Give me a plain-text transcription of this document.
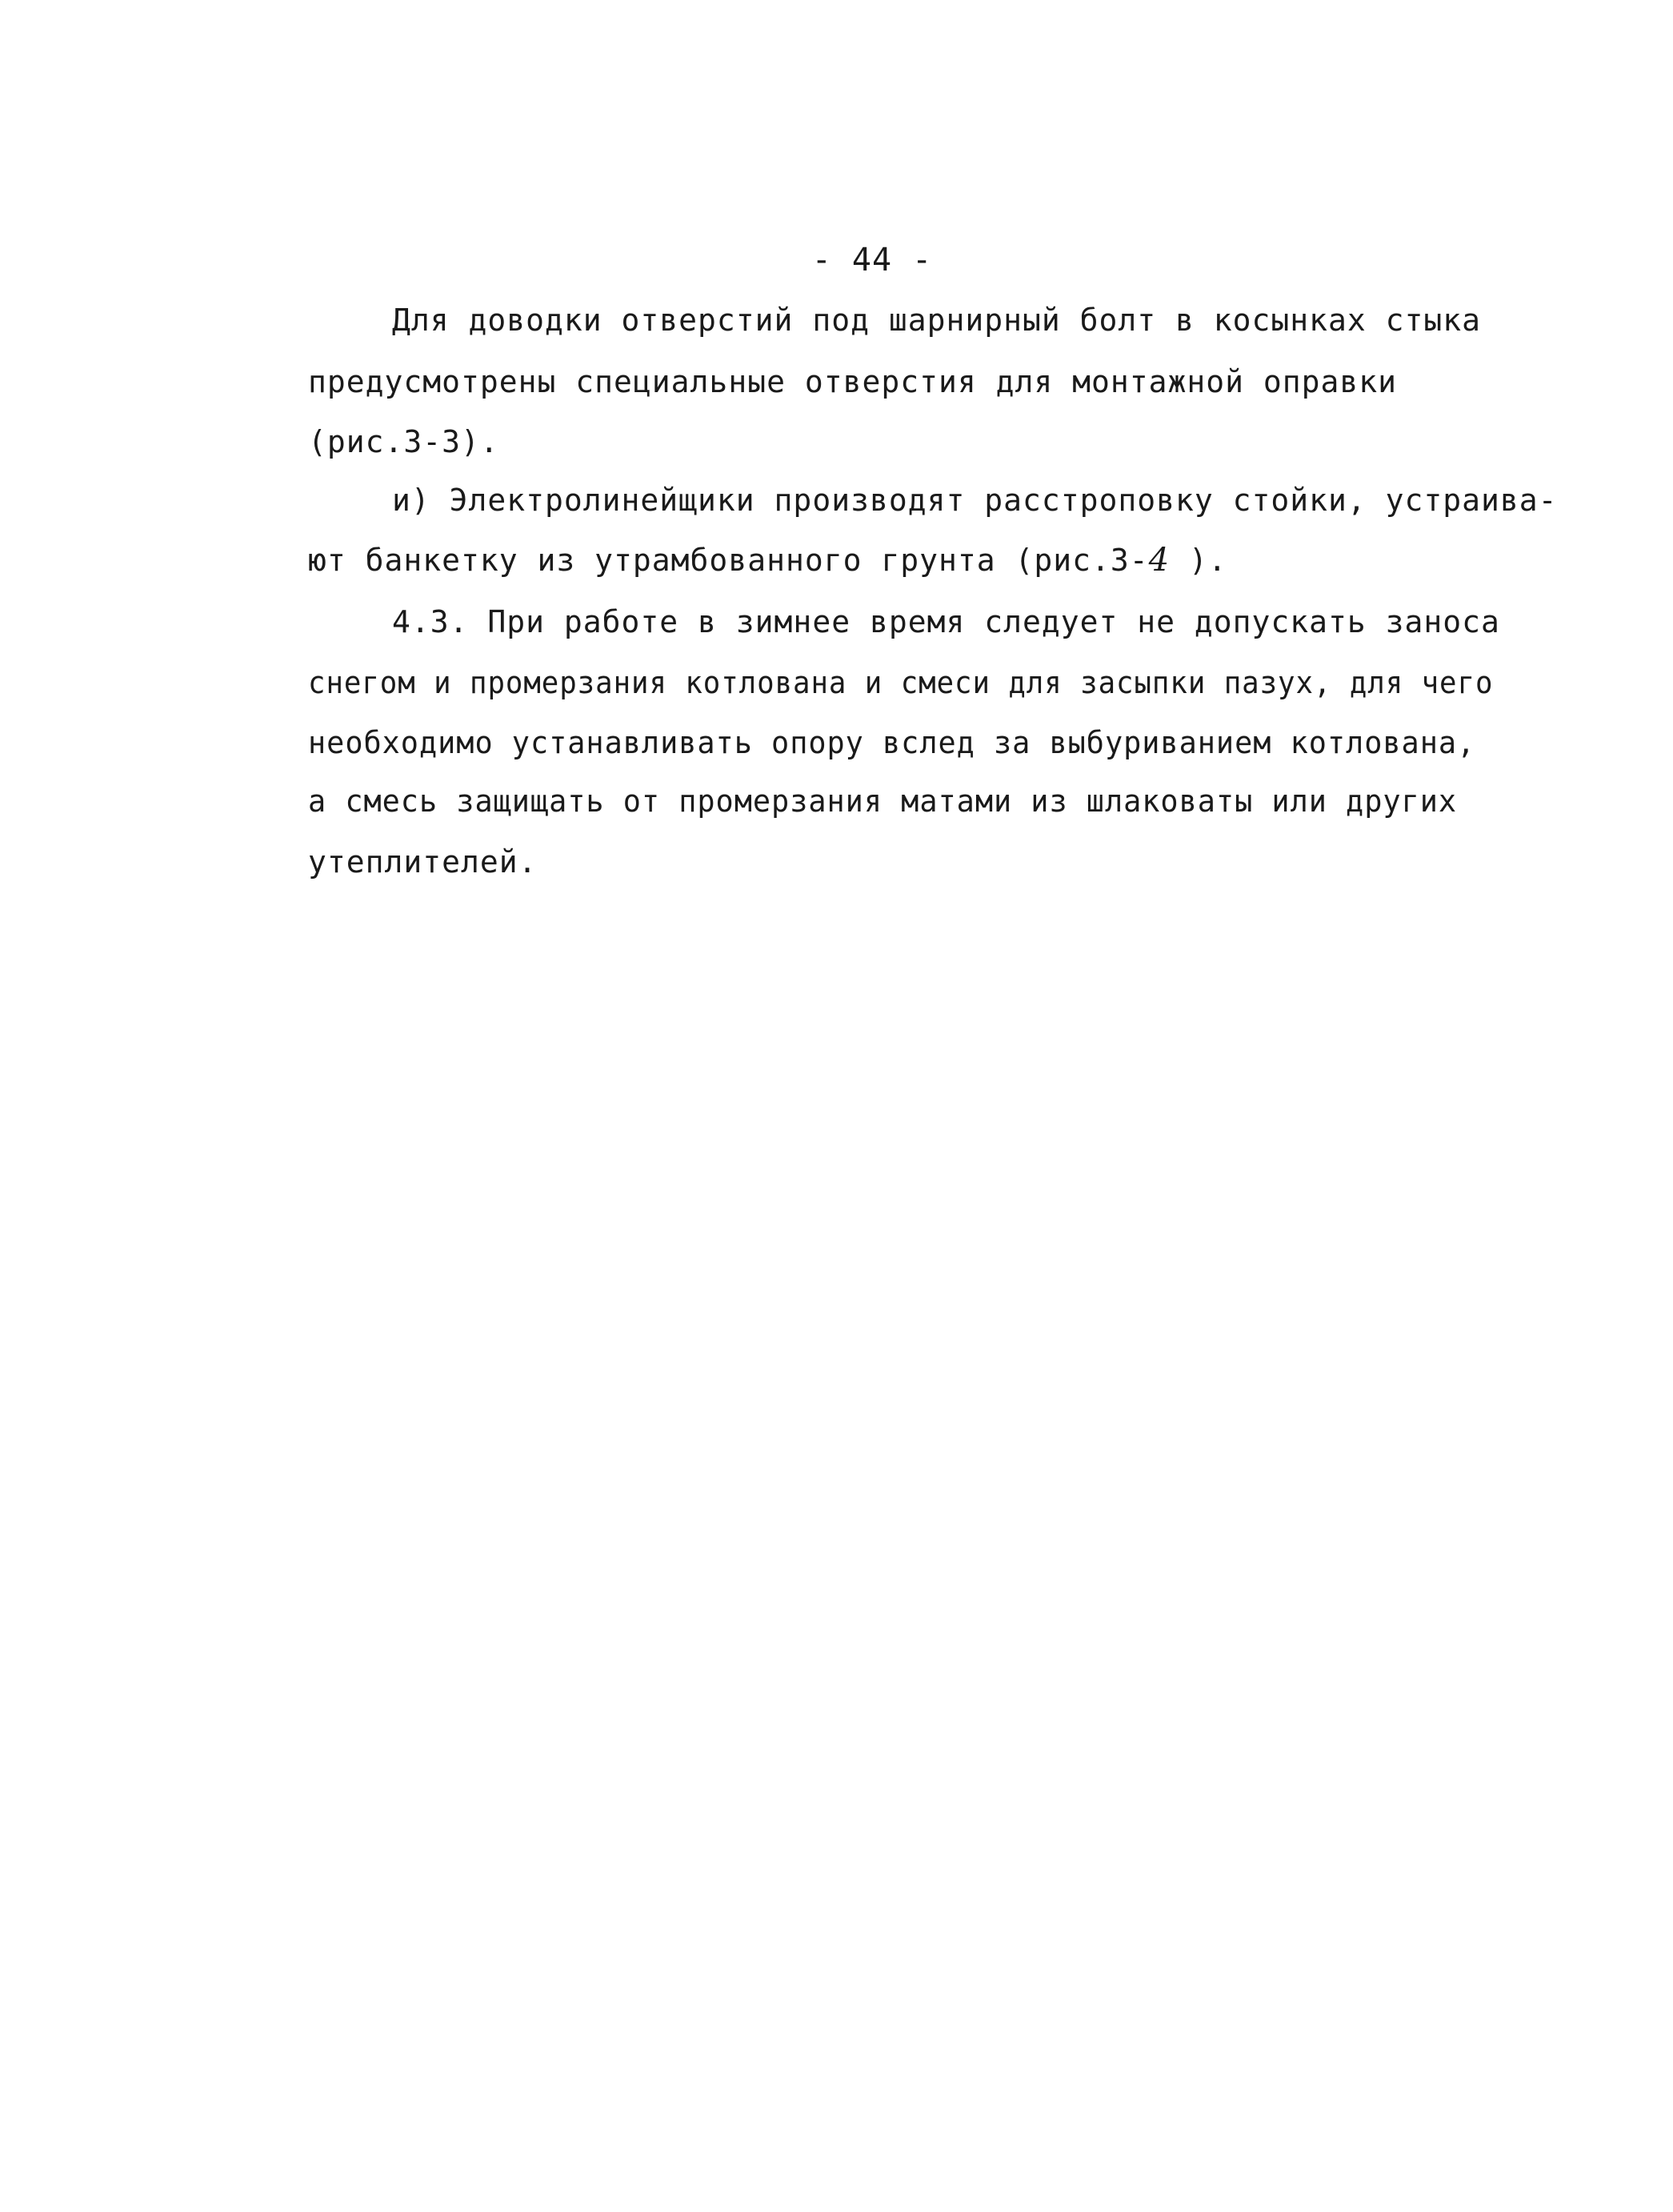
- 44 -
Для доводки отверстий под шарнирный болт в косынках стыка
предусмотрены специальные отверстия для монтажной оправки
(рис.3-3).
и) Электролинейщики производят расстроповку стойки, устраива-
ют банкетку из утрамбованного грунта (рис.3-4 ).
4.3. При работе в зимнее время следует не допускать заноса
снегом и промерзания котлована и смеси для засыпки пазух, для чего
необходимо устанавливать опору вслед за выбуриванием котлована,
а смесь защищать от промерзания матами из шлаковаты или других
утеплителей.
